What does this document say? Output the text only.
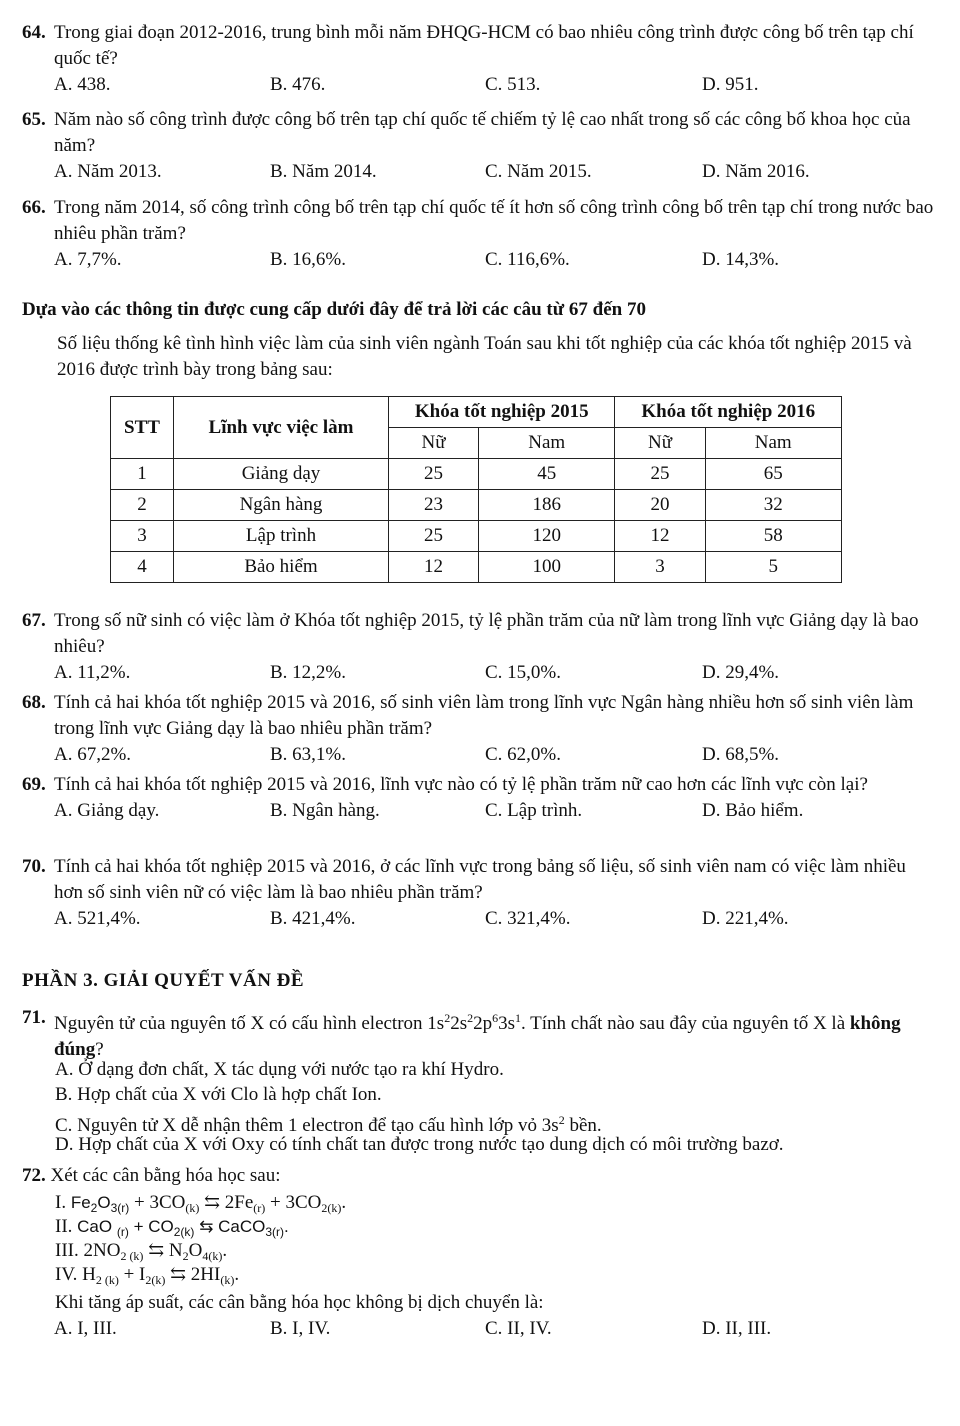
64. Trong giai đoạn 2012-2016, trung bình mỗi năm ĐHQG-HCM có bao nhiêu công trình được công bố trên tạp chí quốc tế?
A. 438.	B. 476.	C. 513.	D. 951.
65. Năm nào số công trình được công bố trên tạp chí quốc tế chiếm tỷ lệ cao nhất trong số các công bố khoa học của năm?
A. Năm 2013.	B. Năm 2014.	C. Năm 2015.	D. Năm 2016.
66. Trong năm 2014, số công trình công bố trên tạp chí quốc tế ít hơn số công trình công bố trên tạp chí trong nước bao nhiêu phần trăm?
A. 7,7%.	B. 16,6%.	C. 116,6%.	D. 14,3%.
Dựa vào các thông tin được cung cấp dưới đây để trả lời các câu từ 67 đến 70
Số liệu thống kê tình hình việc làm của sinh viên ngành Toán sau khi tốt nghiệp của các khóa tốt nghiệp 2015 và 2016 được trình bày trong bảng sau:
STT	Lĩnh vực việc làm	Khóa tốt nghiệp 2015		Khóa tốt nghiệp 2016	
		Nữ	Nam	Nữ	Nam
1	Giảng dạy	25	45	25	65
2	Ngân hàng	23	186	20	32
3	Lập trình	25	120	12	58
4	Bảo hiểm	12	100	3	5
67. Trong số nữ sinh có việc làm ở Khóa tốt nghiệp 2015, tỷ lệ phần trăm của nữ làm trong lĩnh vực Giảng dạy là bao nhiêu?
A. 11,2%.	B. 12,2%.	C. 15,0%.	D. 29,4%.
68. Tính cả hai khóa tốt nghiệp 2015 và 2016, số sinh viên làm trong lĩnh vực Ngân hàng nhiều hơn số sinh viên làm trong lĩnh vực Giảng dạy là bao nhiêu phần trăm?
A. 67,2%.	B. 63,1%.	C. 62,0%.	D. 68,5%.
69. Tính cả hai khóa tốt nghiệp 2015 và 2016, lĩnh vực nào có tỷ lệ phần trăm nữ cao hơn các lĩnh vực còn lại?
A. Giảng dạy.	B. Ngân hàng.	C. Lập trình.	D. Bảo hiểm.
70. Tính cả hai khóa tốt nghiệp 2015 và 2016, ở các lĩnh vực trong bảng số liệu, số sinh viên nam có việc làm nhiều hơn số sinh viên nữ có việc làm là bao nhiêu phần trăm?
A. 521,4%.	B. 421,4%.	C. 321,4%.	D. 221,4%.
PHẦN 3. GIẢI QUYẾT VẤN ĐỀ
71. Nguyên tử của nguyên tố X có cấu hình electron $1s^22s^22p^63s^1$. Tính chất nào sau đây của nguyên tố X là không đúng?
A. Ở dạng đơn chất, X tác dụng với nước tạo ra khí Hydro.
B. Hợp chất của X với Clo là hợp chất Ion.
C. Nguyên tử X dễ nhận thêm 1 electron để tạo cấu hình lớp vỏ $3s^2$ bền.
D. Hợp chất của X với Oxy có tính chất tan được trong nước tạo dung dịch có môi trường bazơ.
72. Xét các cân bằng hóa học sau:
I. $Fe_2O_{3(r)} + 3CO_{(k)}$ ⇆ $2Fe_{(r)} + 3CO_{2(k)}$.
II. CaO $_{(r)} + CO_{2(k)}$ ⇆ CaCO$_{3(r)}$.
III. $2NO_{2 (k)}$ ⇆ $N_2O_{4(k)}$.
IV. $H_{2 (k)} + I_{2(k)}$ ⇆ $2HI_{(k)}$.
Khi tăng áp suất, các cân bằng hóa học không bị dịch chuyển là:
A. I, III.	B. I, IV.	C. II, IV.	D. II, III.
